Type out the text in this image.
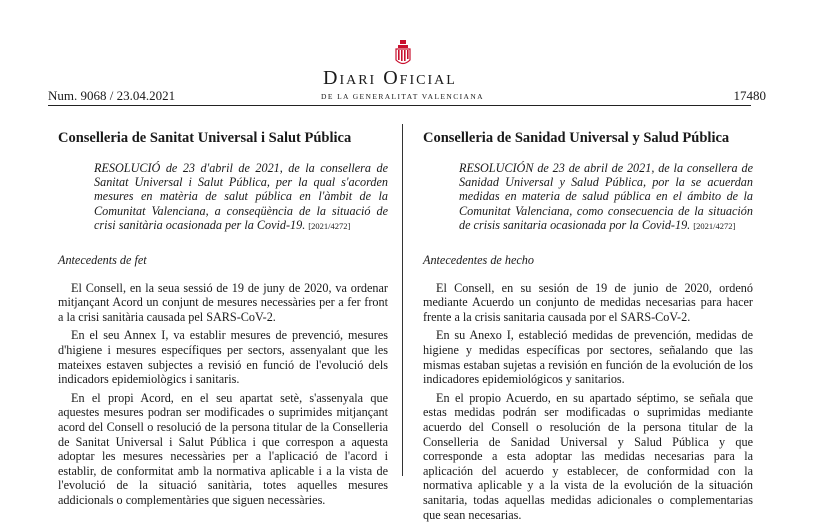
Num. 9068 / 23.04.2021
Diari Oficial
DE LA GENERALITAT VALENCIANA	17480
Conselleria de Sanitat Universal i Salut Pública

RESOLUCIÓ de 23 d'abril de 2021, de la consellera de Sanitat Universal i Salut Pública, per la qual s'acorden mesures en matèria de salut pública en l'àmbit de la Comunitat Valenciana, a conseqüència de la situació de crisi sanitària ocasionada per la Covid-19. [2021/4272]

Antecedents de fet

El Consell, en la seua sessió de 19 de juny de 2020, va ordenar mitjançant Acord un conjunt de mesures necessàries per a fer front a la crisi sanitària causada pel SARS-CoV-2.

En el seu Annex I, va establir mesures de prevenció, mesures d'higiene i mesures específiques per sectors, assenyalant que les mateixes estaven subjectes a revisió en funció de l'evolució dels indicadors epidemiològics i sanitaris.

En el propi Acord, en el seu apartat setè, s'assenyala que aquestes mesures podran ser modificades o suprimides mitjançant acord del Consell o resolució de la persona titular de la Conselleria de Sanitat Universal i Salut Pública i que correspon a aquesta adoptar les mesures necessàries per a l'aplicació de l'acord i establir, de conformitat amb la normativa aplicable i a la vista de l'evolució de la situació sanitària, totes aquelles mesures addicionals o complementàries que siguen necessàries.

Conselleria de Sanidad Universal y Salud Pública

RESOLUCIÓN de 23 de abril de 2021, de la consellera de Sanidad Universal y Salud Pública, por la se acuerdan medidas en materia de salud pública en el ámbito de la Comunitat Valenciana, como consecuencia de la situación de crisis sanitaria ocasionada por la Covid-19. [2021/4272]

Antecedentes de hecho

El Consell, en su sesión de 19 de junio de 2020, ordenó mediante Acuerdo un conjunto de medidas necesarias para hacer frente a la crisis sanitaria causada por el SARS-CoV-2.

En su Anexo I, estableció medidas de prevención, medidas de higiene y medidas específicas por sectores, señalando que las mismas estaban sujetas a revisión en función de la evolución de los indicadores epidemiológicos y sanitarios.

En el propio Acuerdo, en su apartado séptimo, se señala que estas medidas podrán ser modificadas o suprimidas mediante acuerdo del Consell o resolución de la persona titular de la Conselleria de Sanidad Universal y Salud Pública y que corresponde a esta adoptar las medidas necesarias para la aplicación del acuerdo y establecer, de conformidad con la normativa aplicable y a la vista de la evolución de la situación sanitaria, todas aquellas medidas adicionales o complementarias que sean necesarias.
